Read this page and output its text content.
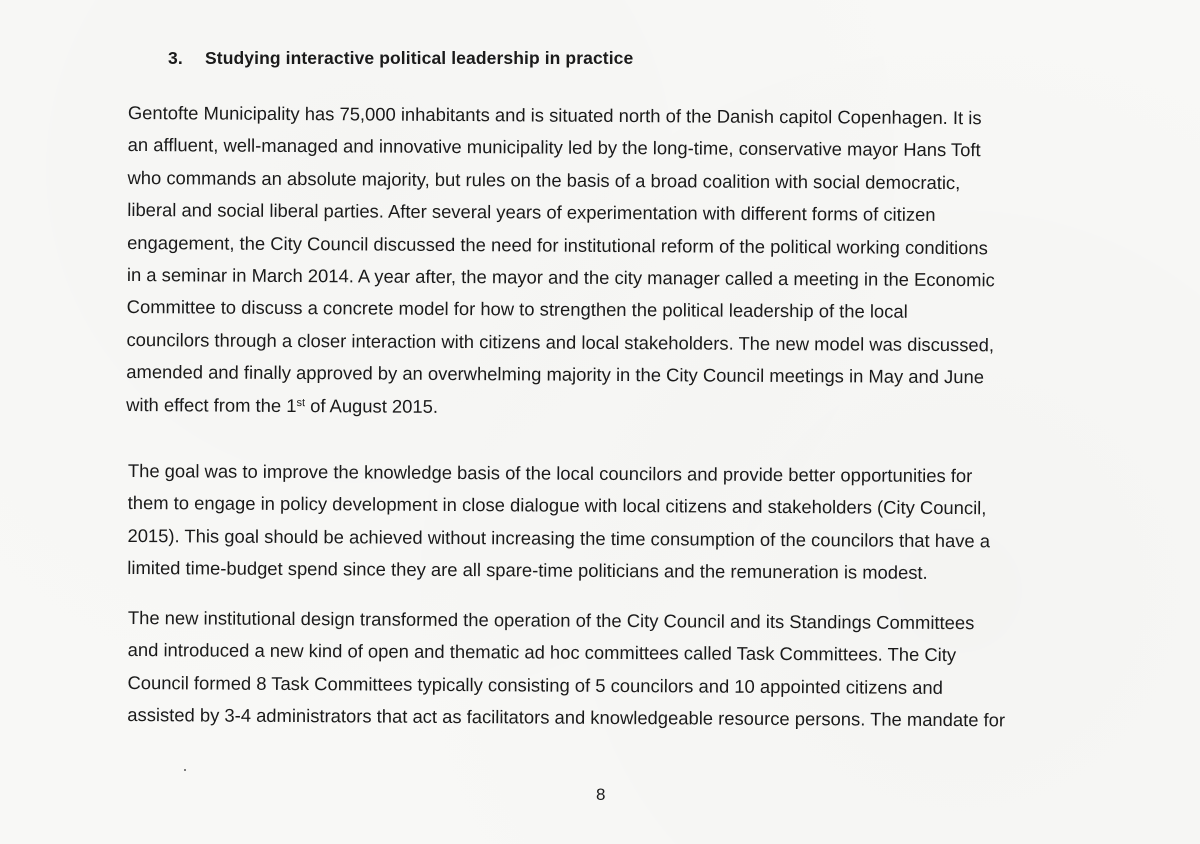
3. Studying interactive political leadership in practice
Gentofte Municipality has 75,000 inhabitants and is situated north of the Danish capitol Copenhagen. It is
an affluent, well-managed and innovative municipality led by the long-time, conservative mayor Hans Toft
who commands an absolute majority, but rules on the basis of a broad coalition with social democratic,
liberal and social liberal parties. After several years of experimentation with different forms of citizen
engagement, the City Council discussed the need for institutional reform of the political working conditions
in a seminar in March 2014. A year after, the mayor and the city manager called a meeting in the Economic
Committee to discuss a concrete model for how to strengthen the political leadership of the local
councilors through a closer interaction with citizens and local stakeholders. The new model was discussed,
amended and finally approved by an overwhelming majority in the City Council meetings in May and June
with effect from the 1st of August 2015.
The goal was to improve the knowledge basis of the local councilors and provide better opportunities for
them to engage in policy development in close dialogue with local citizens and stakeholders (City Council,
2015). This goal should be achieved without increasing the time consumption of the councilors that have a
limited time-budget spend since they are all spare-time politicians and the remuneration is modest.
The new institutional design transformed the operation of the City Council and its Standings Committees
and introduced a new kind of open and thematic ad hoc committees called Task Committees. The City
Council formed 8 Task Committees typically consisting of 5 councilors and 10 appointed citizens and
assisted by 3-4 administrators that act as facilitators and knowledgeable resource persons. The mandate for
8
